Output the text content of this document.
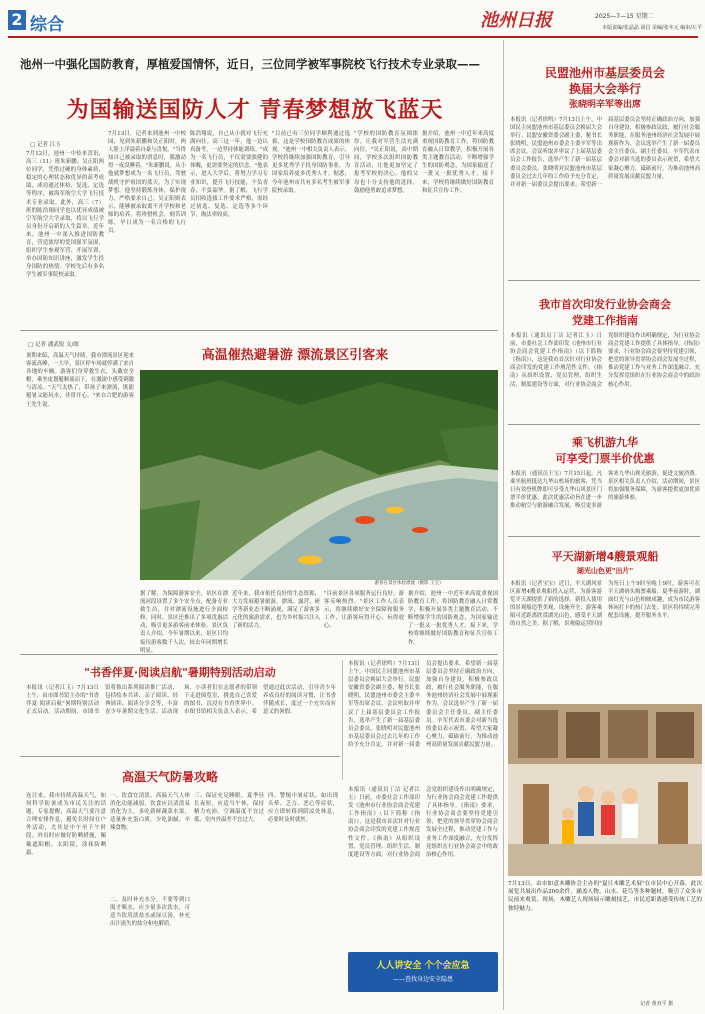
2 综合	池州日报	2025—7—15 星期二
本版责编/张晶晶 胡昌 美编/张冬元 编审/左平
池州一中强化国防教育，厚植爱国情怀，近日，三位同学被军事院校飞行技术专业录取——
为国输送国防人才 青春梦想放飞蓝天
□ 记者 江玉
7月12日，池州一中传来喜讯，高三（11）班朱新鹏、吴正阳两位同学，凭借过硬的身体素质、稳定的心理状态和优异的高考成绩，成功通过体检、复选、定选等程序，被海军航空大学飞行技术专业录取。此外，高三（7）班的陈浩翔同学也以优异成绩被空军航空大学录取，将以飞行学员身份开启新的人生篇章。近年来，池州一中深入推进国防教育，营造浓厚的爱国强军氛围，组织学生参观军营、开展军训、举办国防知识讲座，激发学生投身国防的热情。学校先后有多名学生被军事院校录取。
7月13日，记者来到池州一中校园，见到朱新鹏和吴正阳时，两人脸上洋溢着自豪与喜悦。"当得知自己被录取的消息时，我激动得一夜没睡着。"朱新鹏说，从小他就梦想成为一名飞行员，驾驶战机守护祖国的蓝天。为了实现梦想，他坚持锻炼身体，保护视力，严格要求自己。吴正阳则表示，能够被录取离不开学校和老师的培养，将珍惜机会，刻苦训练，早日成为一名合格的飞行员。
陈浩翔说，自己从小就对飞行充满向往。高三这一年，他一边认真备考，一边坚持体能训练。"成为一名飞行员，不仅需要强健的体魄，更需要坚定的信念。"他表示，进入大学后，将努力学习专业知识，提升飞行技能，不负青春，不负韶华。据了解，飞行学员招收选拔工作要求严格，需经过初选、复选、定选等多个环节，淘汰率较高。
"目前已有三位同学顺利通过选拔，这是学校国防教育成果的体现。"池州一中相关负责人表示，学校将继续加强国防教育，引导更多优秀学子投身国防事业，为国家培养更多优秀人才。据悉，今年池州市共有多名考生被军事院校录取。
"学校的国防教育氛围浓厚，让我对军营生活充满向往。"吴正阳说，高中期间，学校多次组织国防教育活动，让他更加坚定了报考军校的决心。他的父母也十分支持他的选择，鼓励他勇敢追求梦想。
据介绍，池州一中近年来高度重视国防教育工作，将国防教育融入日常教学，积极开展各类主题教育活动，不断增强学生的国防观念，为国家输送了一批又一批优秀人才。接下来，学校将继续做好国防教育和征兵宣传工作。
民盟池州市基层委员会
换届大会举行
张晓明辛军等出席
本报讯（记者徐鸣）7月13日上午，中国民主同盟池州市基层委员会换届大会举行。民盟安徽省委会副主委、秘书长张晓明，民盟池州市委会主委辛军等出席会议。会议听取并审议了上届基层委员会工作报告，选举产生了新一届基层委员会委员。张晓明对民盟池州市基层委员会过去几年的工作给予充分肯定，并对新一届委员会提出要求。希望新一届基层委员会坚持正确政治方向，加强自身建设，积极参政议政，履行社会服务职能，在服务池州经济社会发展中展现新作为。会议选举产生了新一届委员会主任委员、副主任委员。辛军代表市委会对新当选的委员表示祝贺，希望大家凝心聚力，砥砺前行，为推动池州高质量发展贡献民盟力量。
我市首次印发行业协会商会
党建工作指南
本报讯（通讯员丁洁 记者江玉）日前，市委社会工作部印发《池州市行业协会商会党建工作指南》（以下简称《指南》），这是我市首次针对行业协会商会印发的党建工作规范性文件。《指南》从组织设置、党员管理、组织生活、制度建设等方面，对行业协会商会党组织建设作出明确规定，为行业协会商会党建工作提供了具体指导。《指南》要求，行业协会商会要坚持党建引领，把党的领导贯穿协会商会发展全过程，推动党建工作与业务工作深度融合，充分发挥党组织在行业协会商会中的政治核心作用。
乘飞机游九华
可享受门票半价优惠
本报讯（通讯员王宝）7月15日起，凡乘坐航班抵达九华山机场的旅客，凭当日有效登机牌即可享受九华山风景区门票半价优惠。此次优惠活动旨在进一步推动航空与旅游融合发展，吸引更多游客来九华山观光旅游，促进文旅消费。景区相关负责人介绍，活动期间，景区将加强服务保障，为游客提供更加优质的旅游体验。
平天湖新增4艘景观船
湖光山色更"出片"
本报讯（记者宝宝）近日，平天湖风景区新增4艘景观船投入运营，为游客游览平天湖提供了新的选择。新投入使用的景观船造型美观，设施齐全，游客乘船可近距离欣赏湖光山色，感受平天湖的自然之美。据了解，景观船运营时间为每日上午9时至晚上9时，游客可在平天湖码头购票乘船。夏季夜游时，湖面灯光与山色相映成趣，成为市民游客休闲打卡的热门去处。景区将持续完善配套设施，提升服务水平。
□ 记者 潘武锐 文/图
高温催热避暑游 漂流景区引客来
暑期来临，高温天气持续，我市漂流景区迎来客流高峰，一大早，景区停车场就停满了来自各地的车辆。游客们身穿救生衣，头戴安全帽，乘坐皮划艇顺流而下，在激流中感受刺激与清凉。"天气太热了，带孩子来漂流，既能避暑又能玩水，非常开心。"来自合肥的游客王先生说。
游客在景区体验漂流（摄影 王宝）
据了解，为保障游客安全，景区在漂流河段设置了多个安全点，配备专业救生员，并对漂流设施进行全面检修。同时，景区还推出了多项优惠活动，吸引更多游客前来体验。景区负责人介绍，今年暑期以来，景区日均接待游客数千人次，较去年同期增长明显。
近年来，我市依托良好的生态资源，大力发展避暑旅游，漂流、露营、研学等新业态不断涌现，满足了游客多元化的旅游需求，也为乡村振兴注入了新的活力。
"目前景区各项服务运行良好，游客反响热烈。"景区工作人员表示，将继续做好安全保障和服务工作，让游客玩得开心、玩得放心。
据介绍，池州一中近年来高度重视国防教育工作，将国防教育融入日常教学，积极开展各类主题教育活动，不断增强学生的国防观念，为国家输送了一批又一批优秀人才。接下来，学校将继续做好国防教育和征兵宣传工作。
"书香伴夏·阅读启航"暑期特别活动启动
本报讯（记者江玉）7月13日上午，由市图书馆主办的"书香伴夏·阅读启航"暑期特别活动正式启动。活动期间，市图书馆将推出系列阅读推广活动，包括绘本共读、亲子阅读、经典诵读、阅读分享会等，丰富青少年暑期文化生活。活动现场，小读者们在志愿者的带领下走进阅览室，挑选自己喜爱的图书，沉浸在书香世界中。市图书馆相关负责人表示，希望通过此次活动，引导青少年养成良好的阅读习惯，让书香伴随成长，度过一个充实而有意义的暑假。
本报讯（记者徐鸣）7月13日上午，中国民主同盟池州市基层委员会换届大会举行。民盟安徽省委会副主委、秘书长张晓明，民盟池州市委会主委辛军等出席会议。会议听取并审议了上届基层委员会工作报告，选举产生了新一届基层委员会委员。张晓明对民盟池州市基层委员会过去几年的工作给予充分肯定，并对新一届委员会提出要求。希望新一届基层委员会坚持正确政治方向，加强自身建设，积极参政议政，履行社会服务职能，在服务池州经济社会发展中展现新作为。会议选举产生了新一届委员会主任委员、副主任委员。辛军代表市委会对新当选的委员表示祝贺，希望大家凝心聚力，砥砺前行，为推动池州高质量发展贡献民盟力量。
高温天气防暑攻略
连日来，我市持续高温天气，如何科学防暑成为市民关注的话题。专家提醒，高温天气要注意合理安排作息，避免长时间在户外活动，尤其是中午至下午时段。外出时应做好防晒措施，佩戴遮阳帽、太阳镜，涂抹防晒霜。
一、饮食宜清淡。高温天气人体消化功能减弱，饮食应以清淡易消化为主，多吃新鲜蔬菜水果，适量补充蛋白质。少吃油腻、辛辣食物。
二、及时补充水分。不要等到口渴才喝水，应少量多次饮水，可适当饮用淡盐水或绿豆汤，补充出汗流失的盐分和电解质。
三、保证充足睡眠。夏季昼长夜短，应适当午休，保持精力充沛。空调温度不宜过低，室内外温差不宜过大。
四、警惕中暑症状。如出现头晕、乏力、恶心等症状，应立即转移到阴凉处休息，必要时及时就医。
本报讯（通讯员丁洁 记者江玉）日前，市委社会工作部印发《池州市行业协会商会党建工作指南》（以下简称《指南》），这是我市首次针对行业协会商会印发的党建工作规范性文件。《指南》从组织设置、党员管理、组织生活、制度建设等方面，对行业协会商会党组织建设作出明确规定，为行业协会商会党建工作提供了具体指导。《指南》要求，行业协会商会要坚持党建引领，把党的领导贯穿协会商会发展全过程，推动党建工作与业务工作深度融合，充分发挥党组织在行业协会商会中的政治核心作用。
人人讲安全 个个会应急
——查找身边安全隐患
7月13日，由市如意木雕协会主办的"夏日木雕艺术展"在市民中心开幕。此次展览共展出作品200余件，涵盖人物、山水、花鸟等多种题材，吸引了众多市民前来观赏。现场，木雕艺人现场展示雕刻技艺，市民近距离感受传统工艺的独特魅力。
记者 黄双平 摄
